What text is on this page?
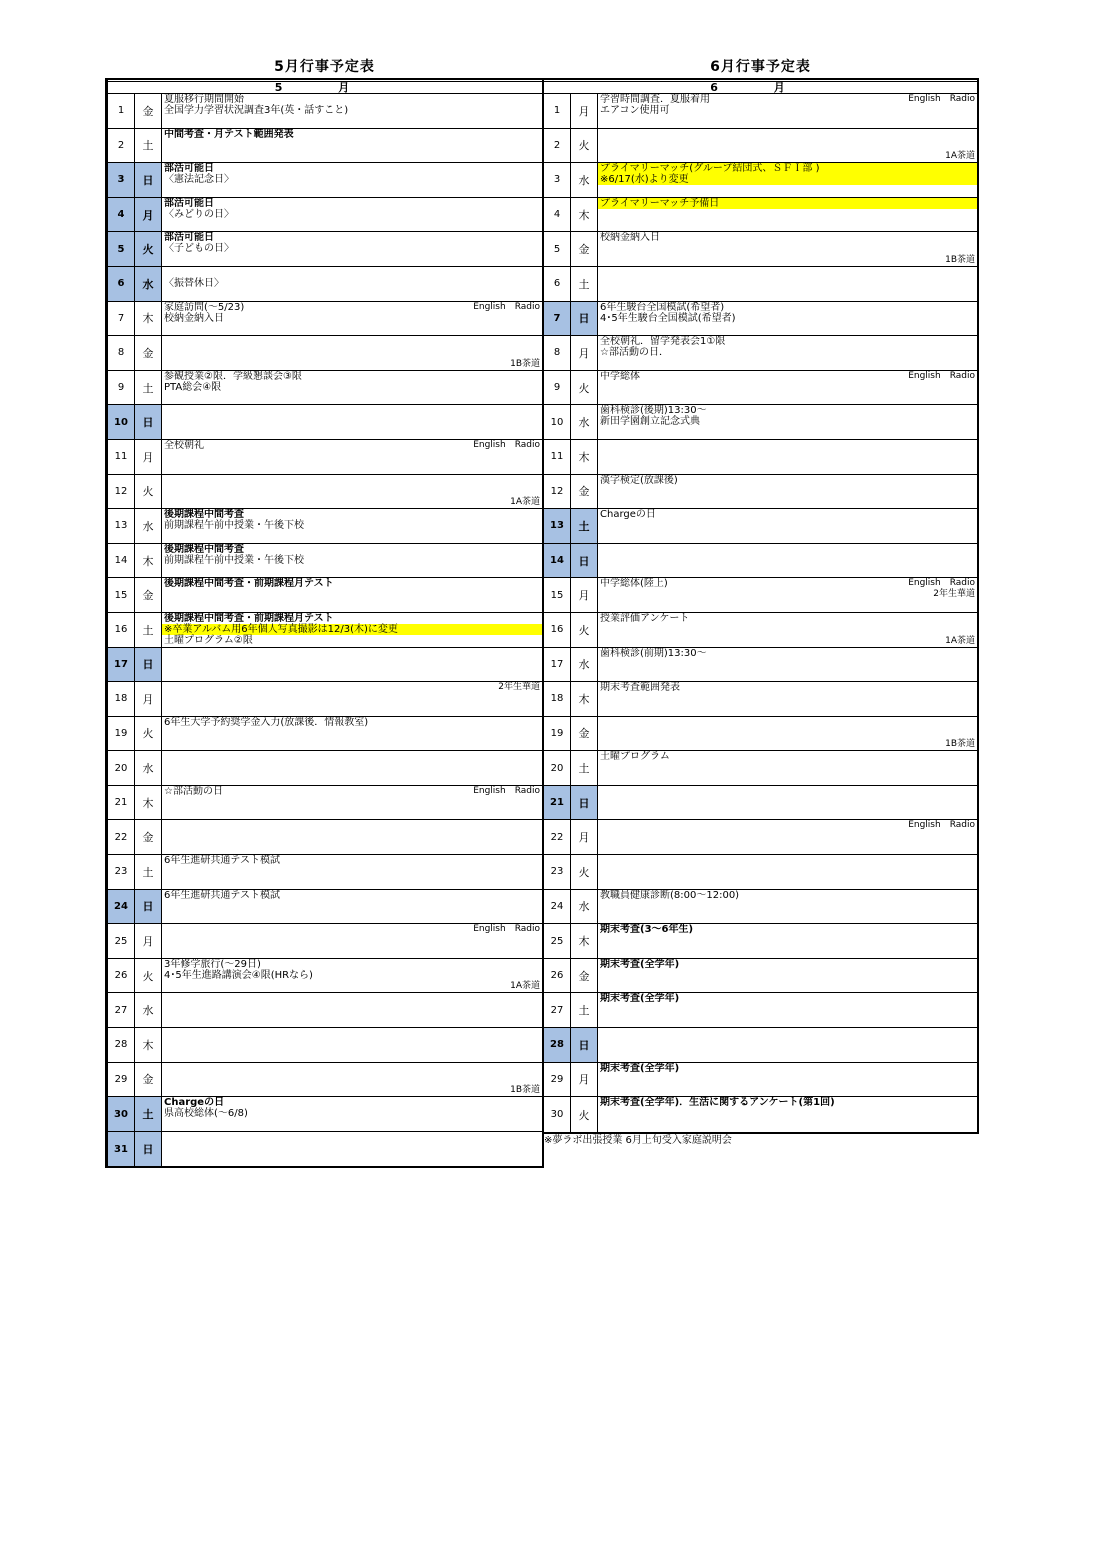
5月行事予定表
5 月
1	金
夏服移行期間開始
全国学力学習状況調査3年(英・話すこと)
2	土
中間考査・月テスト範囲発表
3	日
部活可能日
〈憲法記念日〉
4	月
部活可能日
〈みどりの日〉
5	火
部活可能日
〈子どもの日〉
6	水	〈振替休日〉
7	木
家庭訪問(～5/23)
校納金納入日
English　Radio
8	金
1B茶道
9	土
参観授業②限．学級懇談会③限
PTA総会④限
10	日
11	月
全校朝礼	English　Radio
12	火
1A茶道
13	水
後期課程中間考査
前期課程午前中授業・午後下校
14	木
後期課程中間考査
前期課程午前中授業・午後下校
15	金
後期課程中間考査・前期課程月テスト
16	土
後期課程中間考査・前期課程月テスト
※卒業アルバム用6年個人写真撮影は12/3(木)に変更
土曜プログラム②限
17	日
18	月
2年生華道
19	火
6年生大学予約奨学金入力(放課後．情報教室)
20	水
21	木
☆部活動の日	English　Radio
22	金
23	土
6年生進研共通テスト模試
24	日
6年生進研共通テスト模試
25	月
English　Radio
26	火
3年修学旅行(～29日)
4･5年生進路講演会④限(HRなら)
1A茶道
27	水
28	木
29	金
1B茶道
30	土
Chargeの日
県高校総体(～6/8)
31	日
6月行事予定表
6 月
1	月
学習時間調査．夏服着用
エアコン使用可
English　Radio
2	火
1A茶道
3	水
プライマリーマッチ(グループ結団式、ＳＦＩ部 )
※6/17(水)より変更
4	木
プライマリーマッチ予備日
5	金
校納金納入日
1B茶道
6	土
7	日
6年生駿台全国模試(希望者)
4･5年生駿台全国模試(希望者)
8	月
全校朝礼．留学発表会1①限
☆部活動の日．
9	火
中学総体	English　Radio
10	水
歯科検診(後期)13:30～
新田学園創立記念式典
11	木
12	金
漢字検定(放課後)
13	土
Chargeの日
14	日
15	月
中学総体(陸上)	English　Radio
2年生華道
16	火
授業評価アンケート
1A茶道
17	水
歯科検診(前期)13:30～
18	木
期末考査範囲発表
19	金
1B茶道
20	土
土曜プログラム
21	日
22	月
English　Radio
23	火
24	水
教職員健康診断(8:00～12:00)
25	木
期末考査(3～6年生)
26	金
期末考査(全学年)
27	土
期末考査(全学年)
28	日
29	月
期末考査(全学年)
30	火
期末考査(全学年)．生活に関するアンケート(第1回)
※夢ラボ出張授業 6月上旬受入家庭説明会
